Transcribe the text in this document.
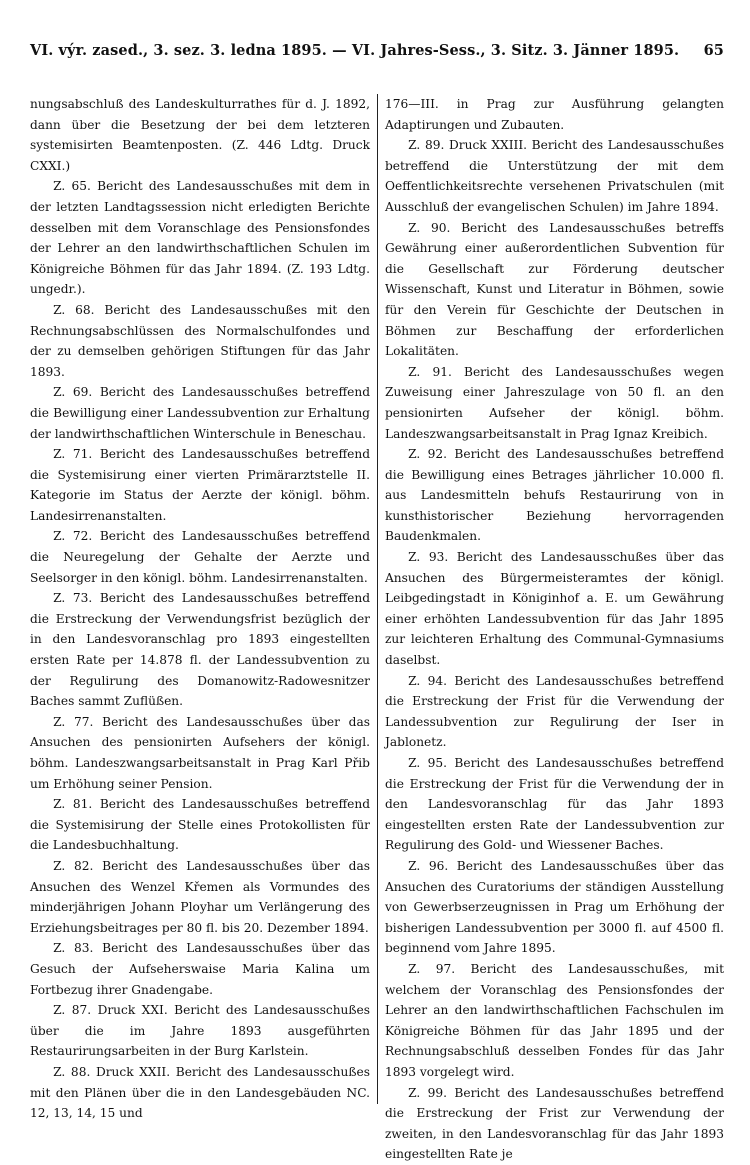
VI. výr. zased., 3. sez. 3. ledna 1895. — VI. Jahres-Sess., 3. Sitz. 3. Jänner 1895. 65

nungsabschluß des Landeskulturrathes für d. J. 1892, dann über die Besetzung der bei dem letzteren systemisirten Beamtenposten. (Z. 446 Ldtg. Druck CXXI.)

Z. 65. Bericht des Landesausschußes mit dem in der letzten Landtagssession nicht erledigten Berichte desselben mit dem Voranschlage des Pensionsfondes der Lehrer an den landwirthschaftlichen Schulen im Königreiche Böhmen für das Jahr 1894. (Z. 193 Ldtg. ungedr.).

Z. 68. Bericht des Landesausschußes mit den Rechnungsabschlüssen des Normalschulfondes und der zu demselben gehörigen Stiftungen für das Jahr 1893.

Z. 69. Bericht des Landesausschußes betreffend die Bewilligung einer Landessubvention zur Erhaltung der landwirthschaftlichen Winterschule in Beneschau.

Z. 71. Bericht des Landesausschußes betreffend die Systemisirung einer vierten Primärarztstelle II. Kategorie im Status der Aerzte der königl. böhm. Landesirrenanstalten.

Z. 72. Bericht des Landesausschußes betreffend die Neuregelung der Gehalte der Aerzte und Seelsorger in den königl. böhm. Landesirrenanstalten.

Z. 73. Bericht des Landesausschußes betreffend die Erstreckung der Verwendungsfrist bezüglich der in den Landesvoranschlag pro 1893 eingestellten ersten Rate per 14.878 fl. der Landessubvention zu der Regulirung des Domanowitz-Radowesnitzer Baches sammt Zuflüßen.

Z. 77. Bericht des Landesausschußes über das Ansuchen des pensionirten Aufsehers der königl. böhm. Landeszwangsarbeitsanstalt in Prag Karl Přib um Erhöhung seiner Pension.

Z. 81. Bericht des Landesausschußes betreffend die Systemisirung der Stelle eines Protokollisten für die Landesbuchhaltung.

Z. 82. Bericht des Landesausschußes über das Ansuchen des Wenzel Křemen als Vormundes des minderjährigen Johann Ployhar um Verlängerung des Erziehungsbeitrages per 80 fl. bis 20. Dezember 1894.

Z. 83. Bericht des Landesausschußes über das Gesuch der Aufseherswaise Maria Kalina um Fortbezug ihrer Gnadengabe.

Z. 87. Druck XXI. Bericht des Landesausschußes über die im Jahre 1893 ausgeführten Restaurirungsarbeiten in der Burg Karlstein.

Z. 88. Druck XXII. Bericht des Landesausschußes mit den Plänen über die in den Landesgebäuden NC. 12, 13, 14, 15 und

176—III. in Prag zur Ausführung gelangten Adaptirungen und Zubauten.

Z. 89. Druck XXIII. Bericht des Landesausschußes betreffend die Unterstützung der mit dem Oeffentlichkeitsrechte versehenen Privatschulen (mit Ausschluß der evangelischen Schulen) im Jahre 1894.

Z. 90. Bericht des Landesausschußes betreffs Gewährung einer außerordentlichen Subvention für die Gesellschaft zur Förderung deutscher Wissenschaft, Kunst und Literatur in Böhmen, sowie für den Verein für Geschichte der Deutschen in Böhmen zur Beschaffung der erforderlichen Lokalitäten.

Z. 91. Bericht des Landesausschußes wegen Zuweisung einer Jahreszulage von 50 fl. an den pensionirten Aufseher der königl. böhm. Landeszwangsarbeitsanstalt in Prag Ignaz Kreibich.

Z. 92. Bericht des Landesausschußes betreffend die Bewilligung eines Betrages jährlicher 10.000 fl. aus Landesmitteln behufs Restaurirung von in kunsthistorischer Beziehung hervorragenden Baudenkmalen.

Z. 93. Bericht des Landesausschußes über das Ansuchen des Bürgermeisteramtes der königl. Leibgedingstadt in Königinhof a. E. um Gewährung einer erhöhten Landessubvention für das Jahr 1895 zur leichteren Erhaltung des Communal-Gymnasiums daselbst.

Z. 94. Bericht des Landesausschußes betreffend die Erstreckung der Frist für die Verwendung der Landessubvention zur Regulirung der Iser in Jablonetz.

Z. 95. Bericht des Landesausschußes betreffend die Erstreckung der Frist für die Verwendung der in den Landesvoranschlag für das Jahr 1893 eingestellten ersten Rate der Landessubvention zur Regulirung des Gold- und Wiessener Baches.

Z. 96. Bericht des Landesausschußes über das Ansuchen des Curatoriums der ständigen Ausstellung von Gewerbserzeugnissen in Prag um Erhöhung der bisherigen Landessubvention per 3000 fl. auf 4500 fl. beginnend vom Jahre 1895.

Z. 97. Bericht des Landesausschußes, mit welchem der Voranschlag des Pensionsfondes der Lehrer an den landwirthschaftlichen Fachschulen im Königreiche Böhmen für das Jahr 1895 und der Rechnungsabschluß desselben Fondes für das Jahr 1893 vorgelegt wird.

Z. 99. Bericht des Landesausschußes betreffend die Erstreckung der Frist zur Verwendung der zweiten, in den Landesvoranschlag für das Jahr 1893 eingestellten Rate je
